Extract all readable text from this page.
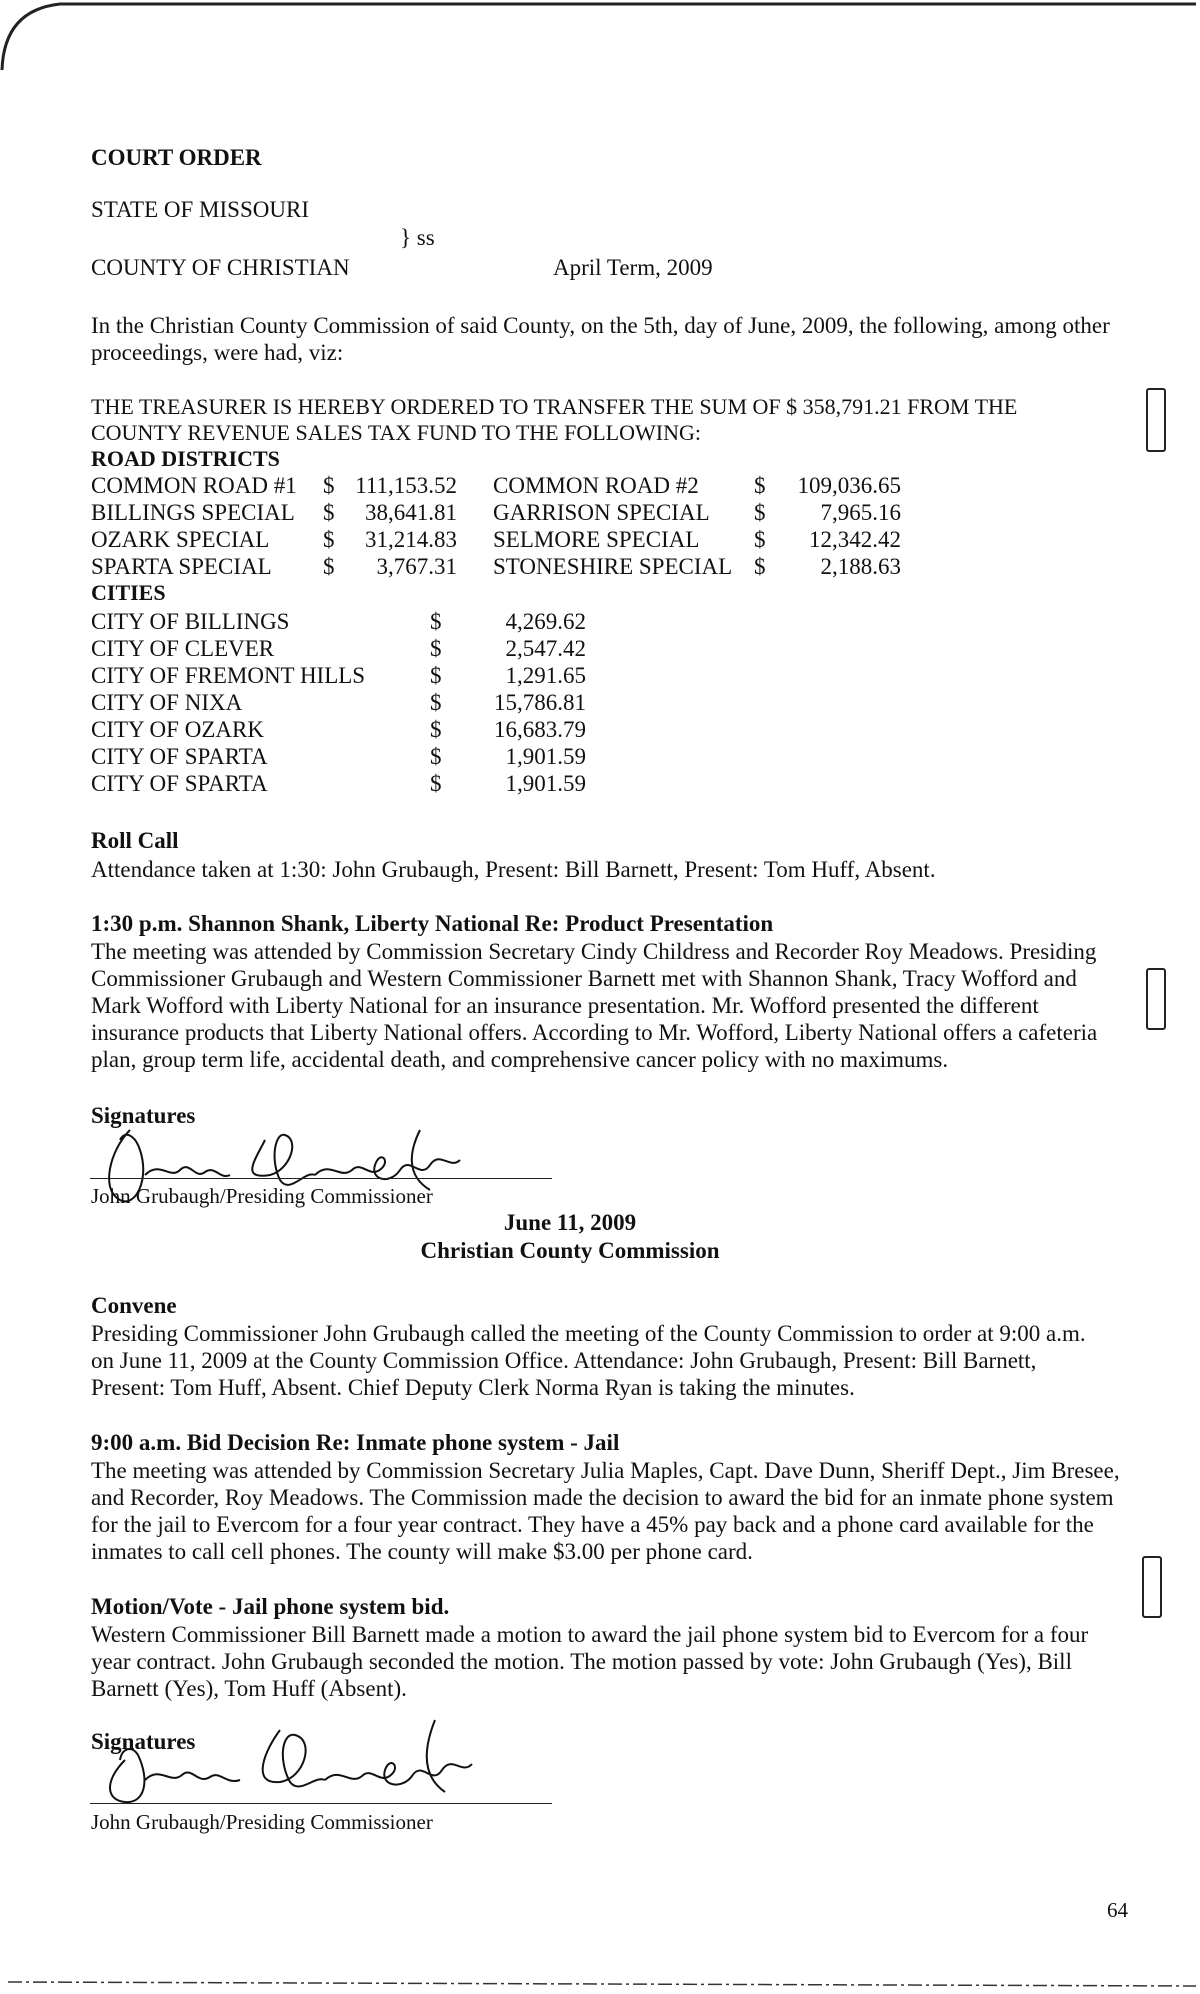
COURT ORDER
STATE OF MISSOURI
} ss
COUNTY OF CHRISTIAN	April Term, 2009
In the Christian County Commission of said County, on the 5th, day of June, 2009, the following, among other proceedings, were had, viz:
THE TREASURER IS HEREBY ORDERED TO TRANSFER THE SUM OF $ 358,791.21 FROM THE
COUNTY REVENUE SALES TAX FUND TO THE FOLLOWING:
ROAD DISTRICTS
COMMON ROAD #1	$	111,153.52	COMMON ROAD #2	$	109,036.65
BILLINGS SPECIAL	$	38,641.81	GARRISON SPECIAL	$	7,965.16
OZARK SPECIAL	$	31,214.83	SELMORE SPECIAL	$	12,342.42
SPARTA SPECIAL	$	3,767.31	STONESHIRE SPECIAL	$	2,188.63
CITIES
CITY OF BILLINGS	$	4,269.62
CITY OF CLEVER	$	2,547.42
CITY OF FREMONT HILLS	$	1,291.65
CITY OF NIXA	$	15,786.81
CITY OF OZARK	$	16,683.79
CITY OF SPARTA	$	1,901.59
CITY OF SPARTA	$	1,901.59
Roll Call
Attendance taken at 1:30: John Grubaugh, Present: Bill Barnett, Present: Tom Huff, Absent.
1:30 p.m. Shannon Shank, Liberty National Re: Product Presentation
The meeting was attended by Commission Secretary Cindy Childress and Recorder Roy Meadows. Presiding Commissioner Grubaugh and Western Commissioner Barnett met with Shannon Shank, Tracy Wofford and Mark Wofford with Liberty National for an insurance presentation. Mr. Wofford presented the different insurance products that Liberty National offers. According to Mr. Wofford, Liberty National offers a cafeteria plan, group term life, accidental death, and comprehensive cancer policy with no maximums.
Signatures
John Grubaugh/Presiding Commissioner
June 11, 2009
Christian County Commission
Convene
Presiding Commissioner John Grubaugh called the meeting of the County Commission to order at 9:00 a.m. on June 11, 2009 at the County Commission Office. Attendance: John Grubaugh, Present: Bill Barnett, Present: Tom Huff, Absent. Chief Deputy Clerk Norma Ryan is taking the minutes.
9:00 a.m. Bid Decision Re: Inmate phone system - Jail
The meeting was attended by Commission Secretary Julia Maples, Capt. Dave Dunn, Sheriff Dept., Jim Bresee, and Recorder, Roy Meadows. The Commission made the decision to award the bid for an inmate phone system for the jail to Evercom for a four year contract. They have a 45% pay back and a phone card available for the inmates to call cell phones. The county will make $3.00 per phone card.
Motion/Vote - Jail phone system bid.
Western Commissioner Bill Barnett made a motion to award the jail phone system bid to Evercom for a four year contract. John Grubaugh seconded the motion. The motion passed by vote: John Grubaugh (Yes), Bill Barnett (Yes), Tom Huff (Absent).
Signatures
John Grubaugh/Presiding Commissioner
64
